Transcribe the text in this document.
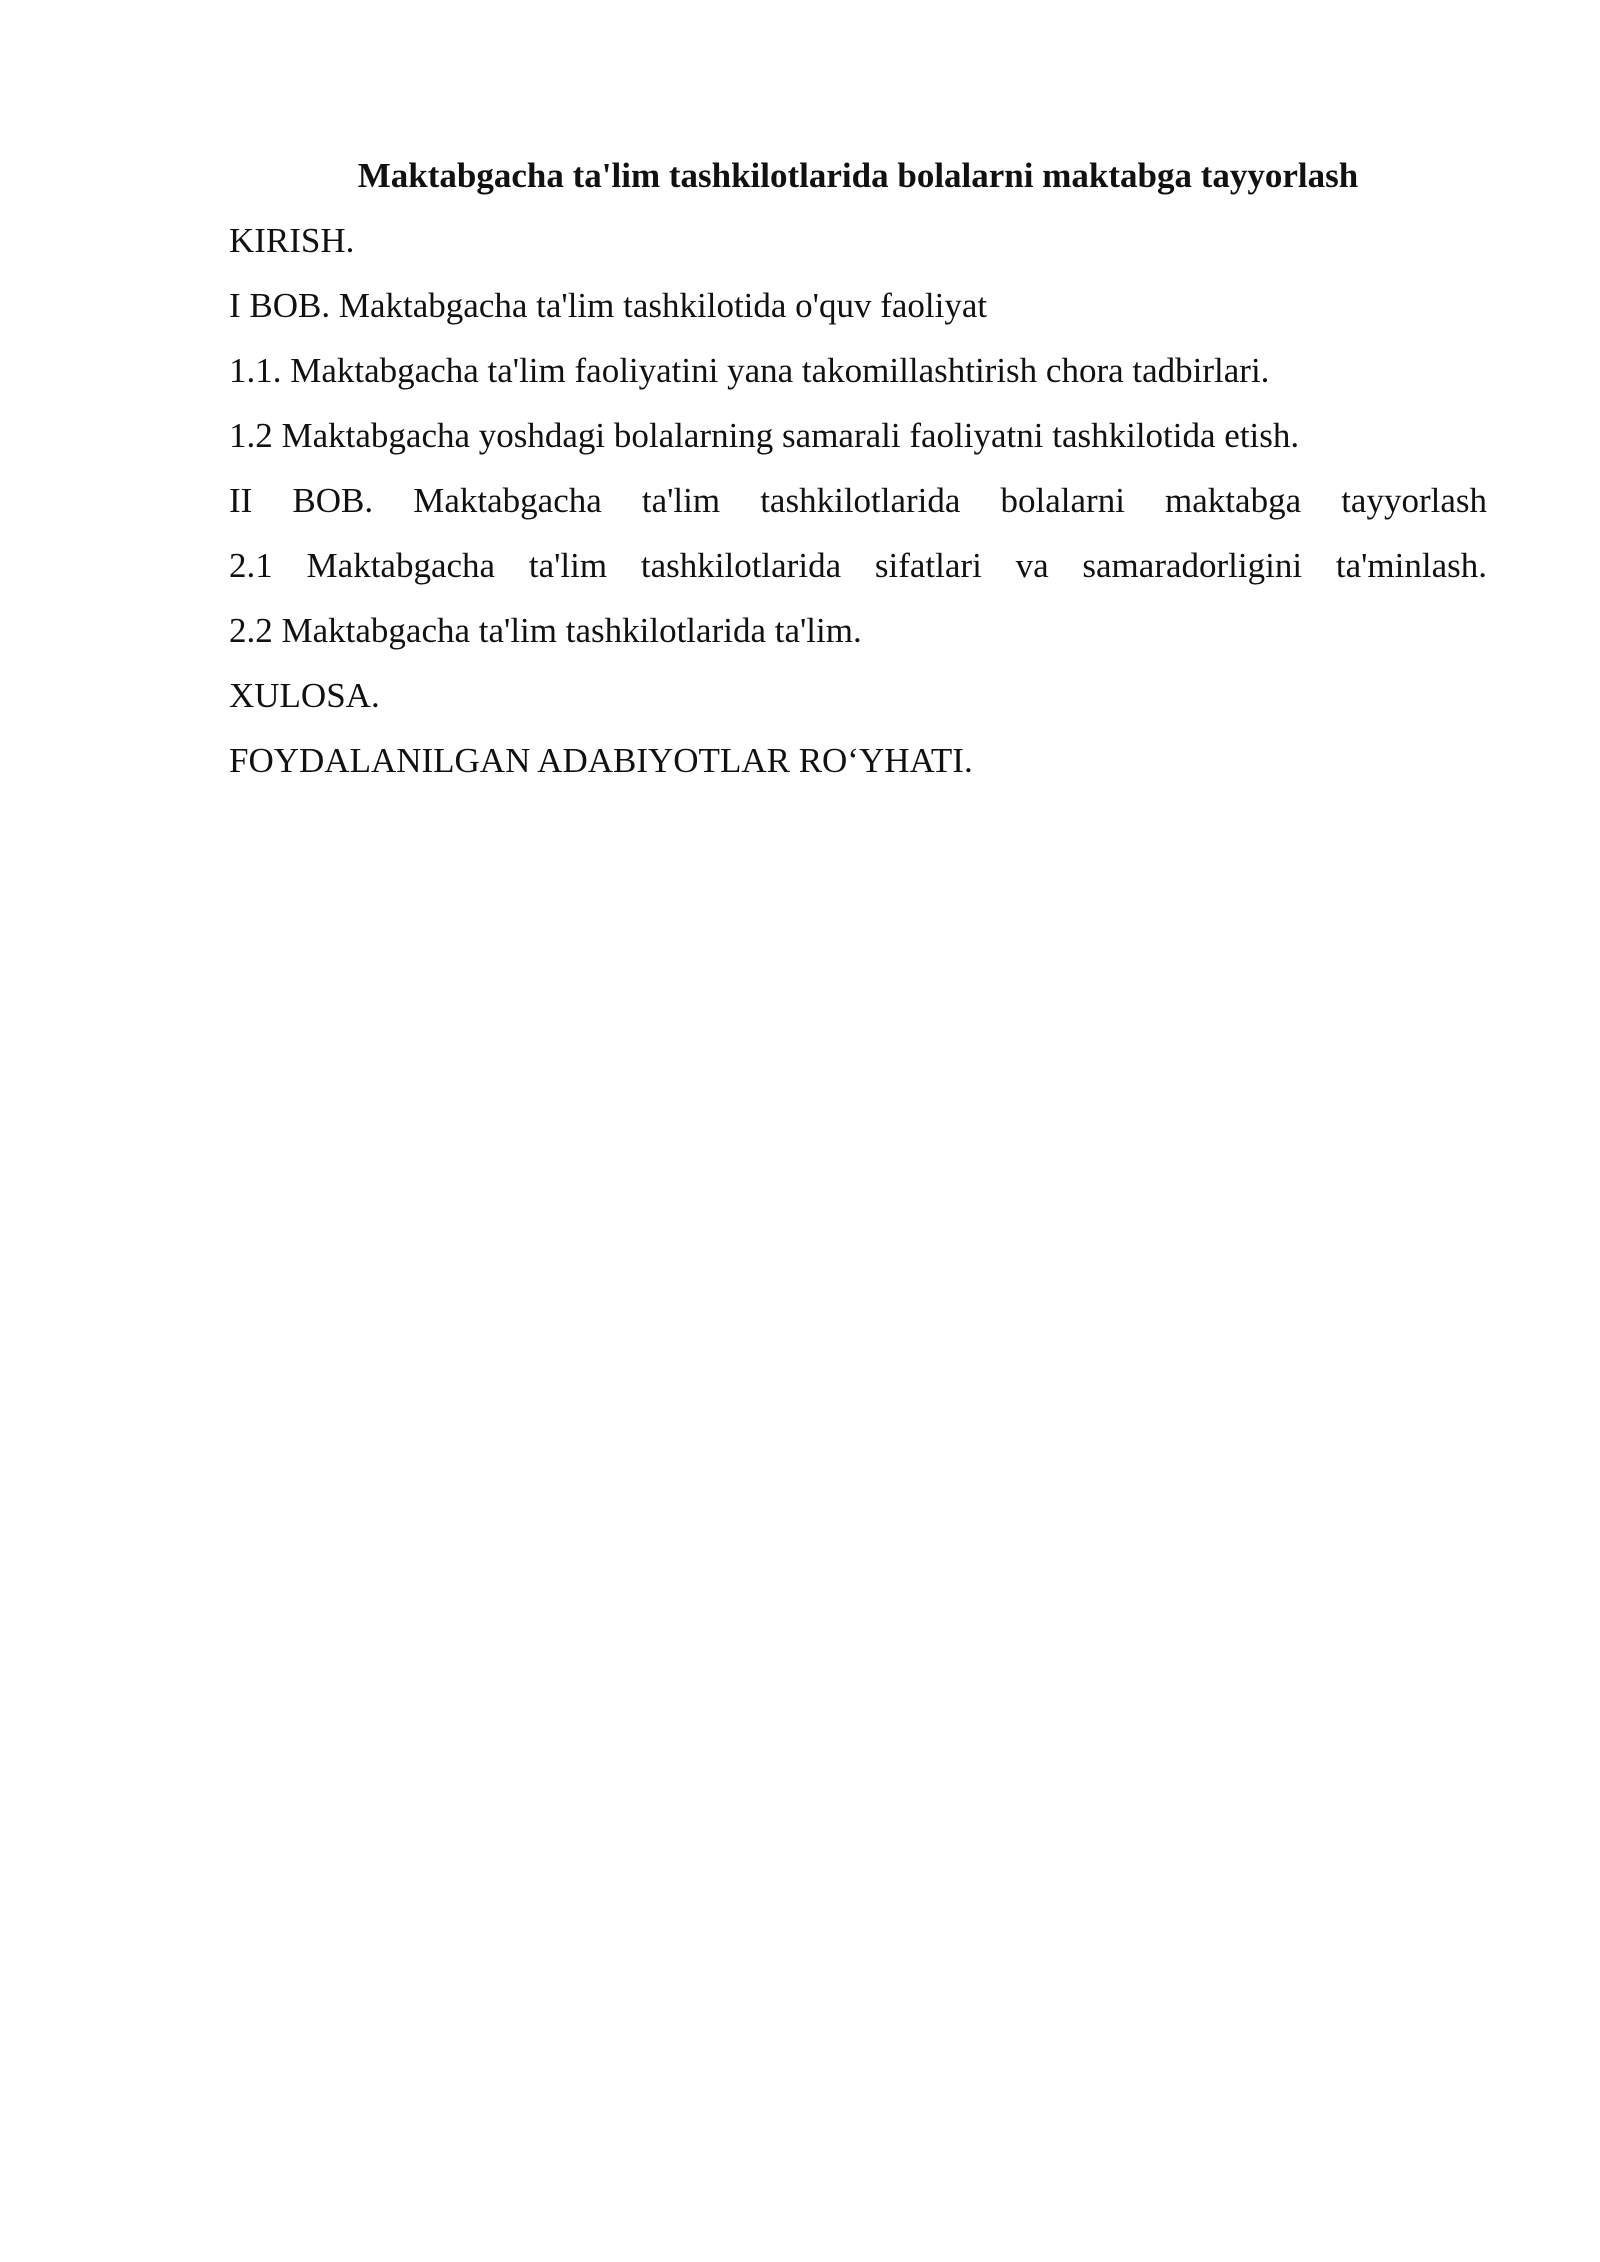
Maktabgacha ta'lim tashkilotlarida bolalarni maktabga tayyorlash

KIRISH.

I BOB. Maktabgacha ta'lim tashkilotida o'quv faoliyat

1.1. Maktabgacha ta'lim faoliyatini yana takomillashtirish chora tadbirlari.

1.2 Maktabgacha yoshdagi bolalarning samarali faoliyatni tashkilotida etish.

II BOB. Maktabgacha ta'lim tashkilotlarida bolalarni maktabga tayyorlash

2.1 Maktabgacha ta'lim tashkilotlarida sifatlari va samaradorligini ta'minlash.

2.2 Maktabgacha ta'lim tashkilotlarida ta'lim.

XULOSA.

FOYDALANILGAN ADABIYOTLAR RO‘YHATI.
